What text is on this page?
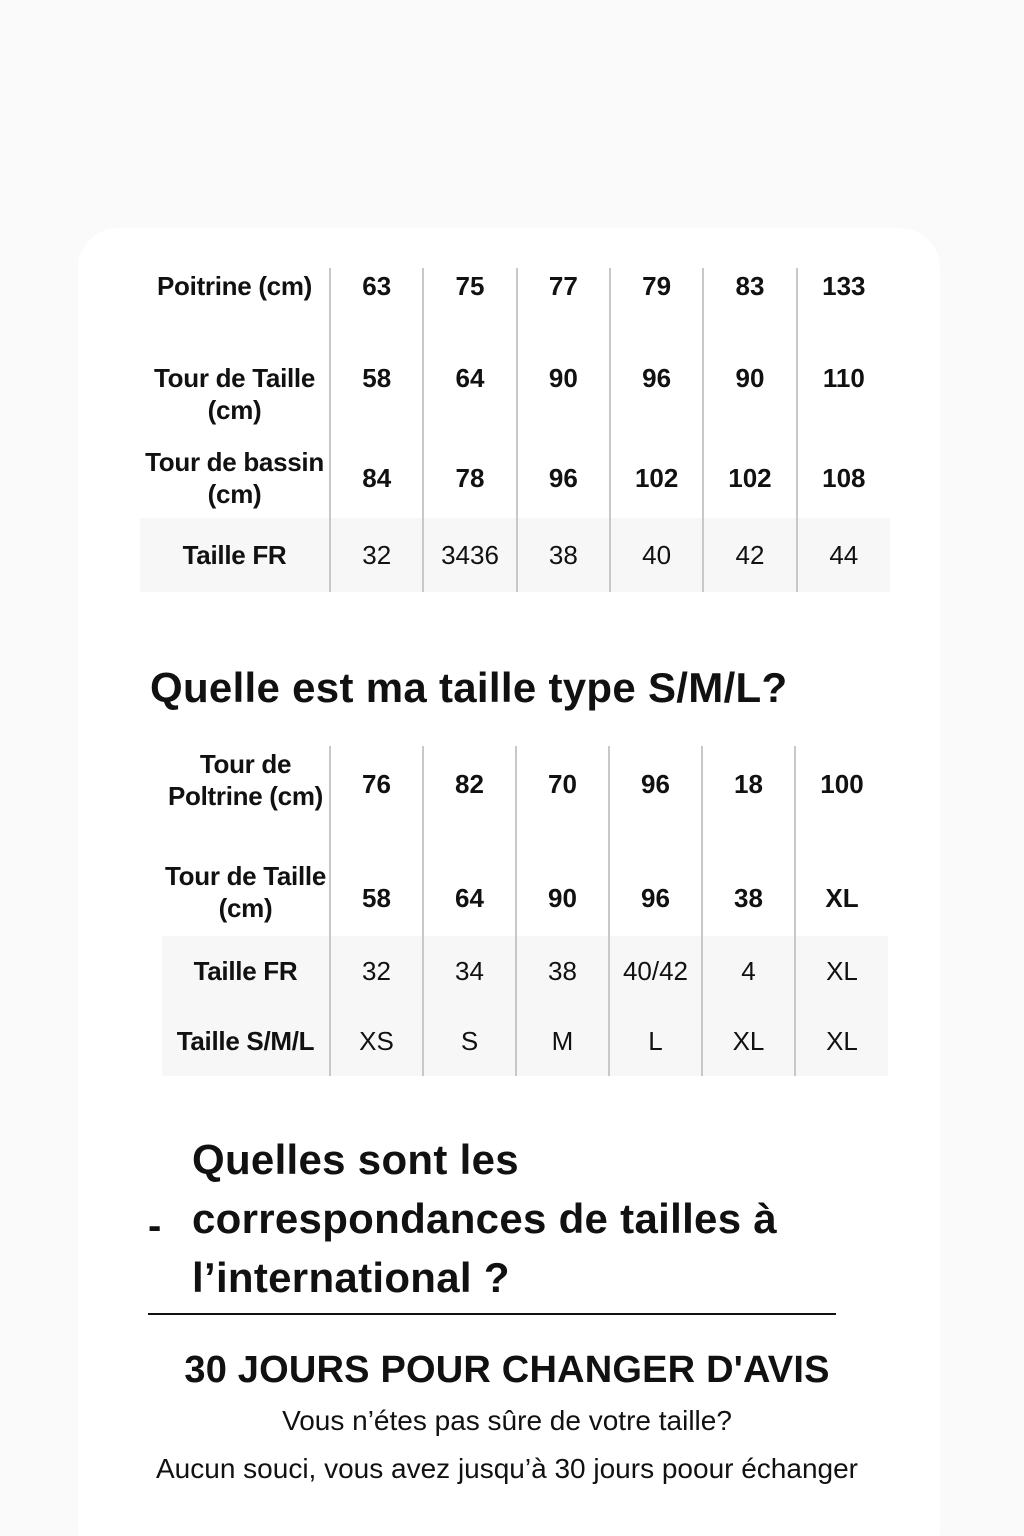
Poitrine (cm)	63	75	77	79	83	133
Tour de Taille (cm)	58	64	90	96	90	110
Tour de bassin (cm)	84	78	96	102	102	108
Taille FR	32	3436	38	40	42	44
Quelle est ma taille type S/M/L?
Tour de Poltrine (cm)	76	82	70	96	18	100
Tour de Taille (cm)	58	64	90	96	38	XL
Taille FR	32	34	38	40/42	4	XL
Taille S/M/L	XS	S	M	L	XL	XL
-
Quelles sont les correspondances de tailles à l’international ?
30 JOURS POUR CHANGER D'AVIS
Vous n’étes pas sûre de votre taille?
Aucun souci, vous avez jusqu’à 30 jours poour échanger
